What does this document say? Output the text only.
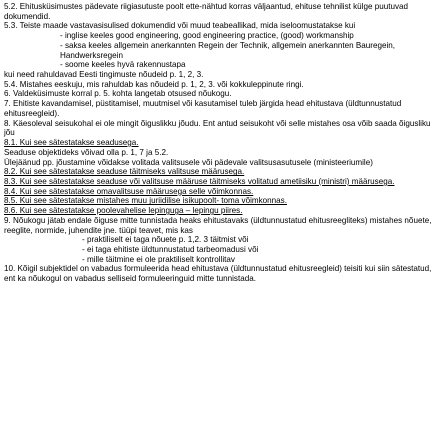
5.2. Ehitusküsimustes pädevate riigiasutuste poolt ette-nähtud korras väljaantud, ehituse tehnilist külge puutuvad dokumendid.

5.3. Teiste maade vastavasisulised dokumendid või muud teabeallikad, mida iseloomustatakse kui

- inglise keeles good engineering, good engineering practice, (good) workmanship

- saksa keeles allgemein anerkannten Regein der Technik, allgemein anerkannten Bauregein, Handwerksregein

- soome keeles hyvä rakennustapa

kui need rahuldavad Eesti tingimuste nõudeid p. 1, 2, 3.

5.4. Mistahes eeskuju, mis rahuldab kas nõudeid p. 1, 2, 3. või kokkuleppinute ringi.

6. Valdeküsimuste korral p. 5. kohta langetab otsused nõukogu.

7. Ehitiste kavandamisel, püstitamisel, muutmisel või kasutamisel tuleb järgida head ehitustava (üldtunnustatud ehitusreegleid).

8. Käesoleval seisukohal ei ole mingit õiguslikku jõudu. Ent antud seisukoht või selle mistahes osa võib saada õigusliku jõu

8.1. Kui see sätestatakse seadusega.

Seaduse objektideks võivad olla p. 1, 7 ja 5.2.

Ülejäänud pp. jõustamine võidakse volitada valitsusele või pädevale valitsusasutusele (ministeeriumile)

8.2. Kui see sätestatakse seaduse täitmiseks valitsuse määrusega.

8.3. Kui see sätestatakse seaduse või valitsuse määruse täitmiseks volitatud ametiisiku (ministri) määrusega.

8.4. Kui see sätestatakse omavalitsuse määrusega selle võimkonnas.

8.5. Kui see sätestatakse mistahes muu juriidilise isikupoolt- toma võimkonnas.

8.6. Kui see sätestatakse poolevahelise lepinguga – lepingu piires.

9. Nõukogu jätab endale õiguse mitte tunnistada heaks ehitustavaks (üldtunnustatud ehitusreegliteks) mistahes nõuete, reeglite, normide, juhendite jne. tüüpi teavet, mis kas

- praktiliselt ei taga nõuete p. 1,2. 3 täitmist või

- ei taga ehitiste üldtunnustatud tarbeomadusi või

- mille täitmine ei ole praktiliselt kontrollitav

10. Kõigil subjektidel on vabadus formuleerida head ehitustava (üldtunnustatud ehitusreegleid) teisiti kui siin sätestatud, ent ka nõukogul on vabadus selliseid formuleeringuid mitte tunnistada.
